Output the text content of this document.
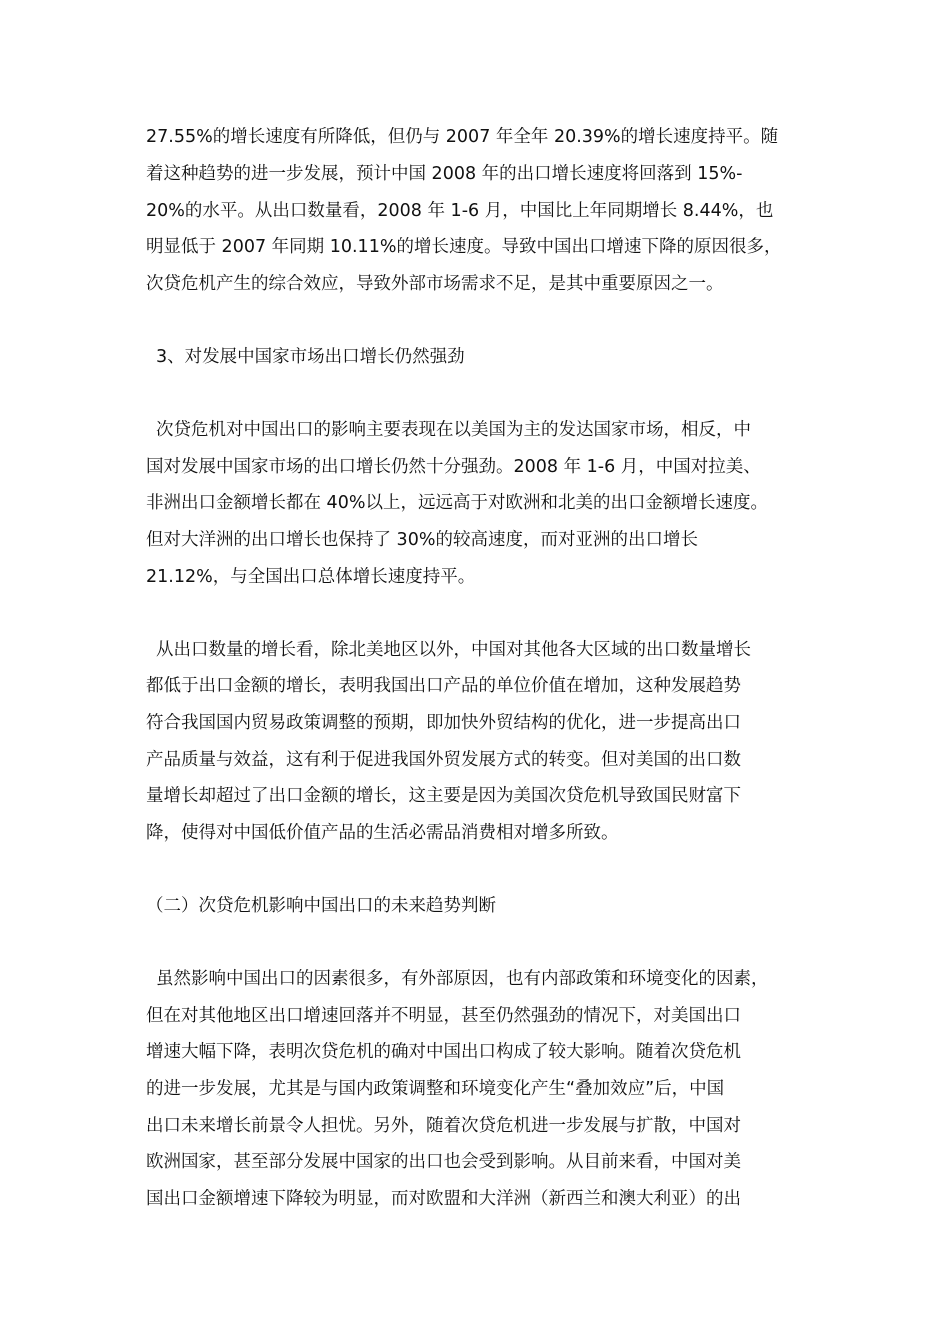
27.55%的增长速度有所降低，但仍与 2007 年全年 20.39%的增长速度持平。随
着这种趋势的进一步发展，预计中国 2008 年的出口增长速度将回落到 15%-
20%的水平。从出口数量看，2008 年 1-6 月，中国比上年同期增长 8.44%，也
明显低于 2007 年同期 10.11%的增长速度。导致中国出口增速下降的原因很多，
次贷危机产生的综合效应，导致外部市场需求不足，是其中重要原因之一。
3、对发展中国家市场出口增长仍然强劲
次贷危机对中国出口的影响主要表现在以美国为主的发达国家市场，相反，中
国对发展中国家市场的出口增长仍然十分强劲。2008 年 1-6 月，中国对拉美、
非洲出口金额增长都在 40%以上，远远高于对欧洲和北美的出口金额增长速度。
但对大洋洲的出口增长也保持了 30%的较高速度，而对亚洲的出口增长
21.12%，与全国出口总体增长速度持平。
从出口数量的增长看，除北美地区以外，中国对其他各大区域的出口数量增长
都低于出口金额的增长，表明我国出口产品的单位价值在增加，这种发展趋势
符合我国国内贸易政策调整的预期，即加快外贸结构的优化，进一步提高出口
产品质量与效益，这有利于促进我国外贸发展方式的转变。但对美国的出口数
量增长却超过了出口金额的增长，这主要是因为美国次贷危机导致国民财富下
降，使得对中国低价值产品的生活必需品消费相对增多所致。
（二）次贷危机影响中国出口的未来趋势判断
虽然影响中国出口的因素很多，有外部原因，也有内部政策和环境变化的因素，
但在对其他地区出口增速回落并不明显，甚至仍然强劲的情况下，对美国出口
增速大幅下降，表明次贷危机的确对中国出口构成了较大影响。随着次贷危机
的进一步发展，尤其是与国内政策调整和环境变化产生“叠加效应”后，中国
出口未来增长前景令人担忧。另外，随着次贷危机进一步发展与扩散，中国对
欧洲国家，甚至部分发展中国家的出口也会受到影响。从目前来看，中国对美
国出口金额增速下降较为明显，而对欧盟和大洋洲（新西兰和澳大利亚）的出
